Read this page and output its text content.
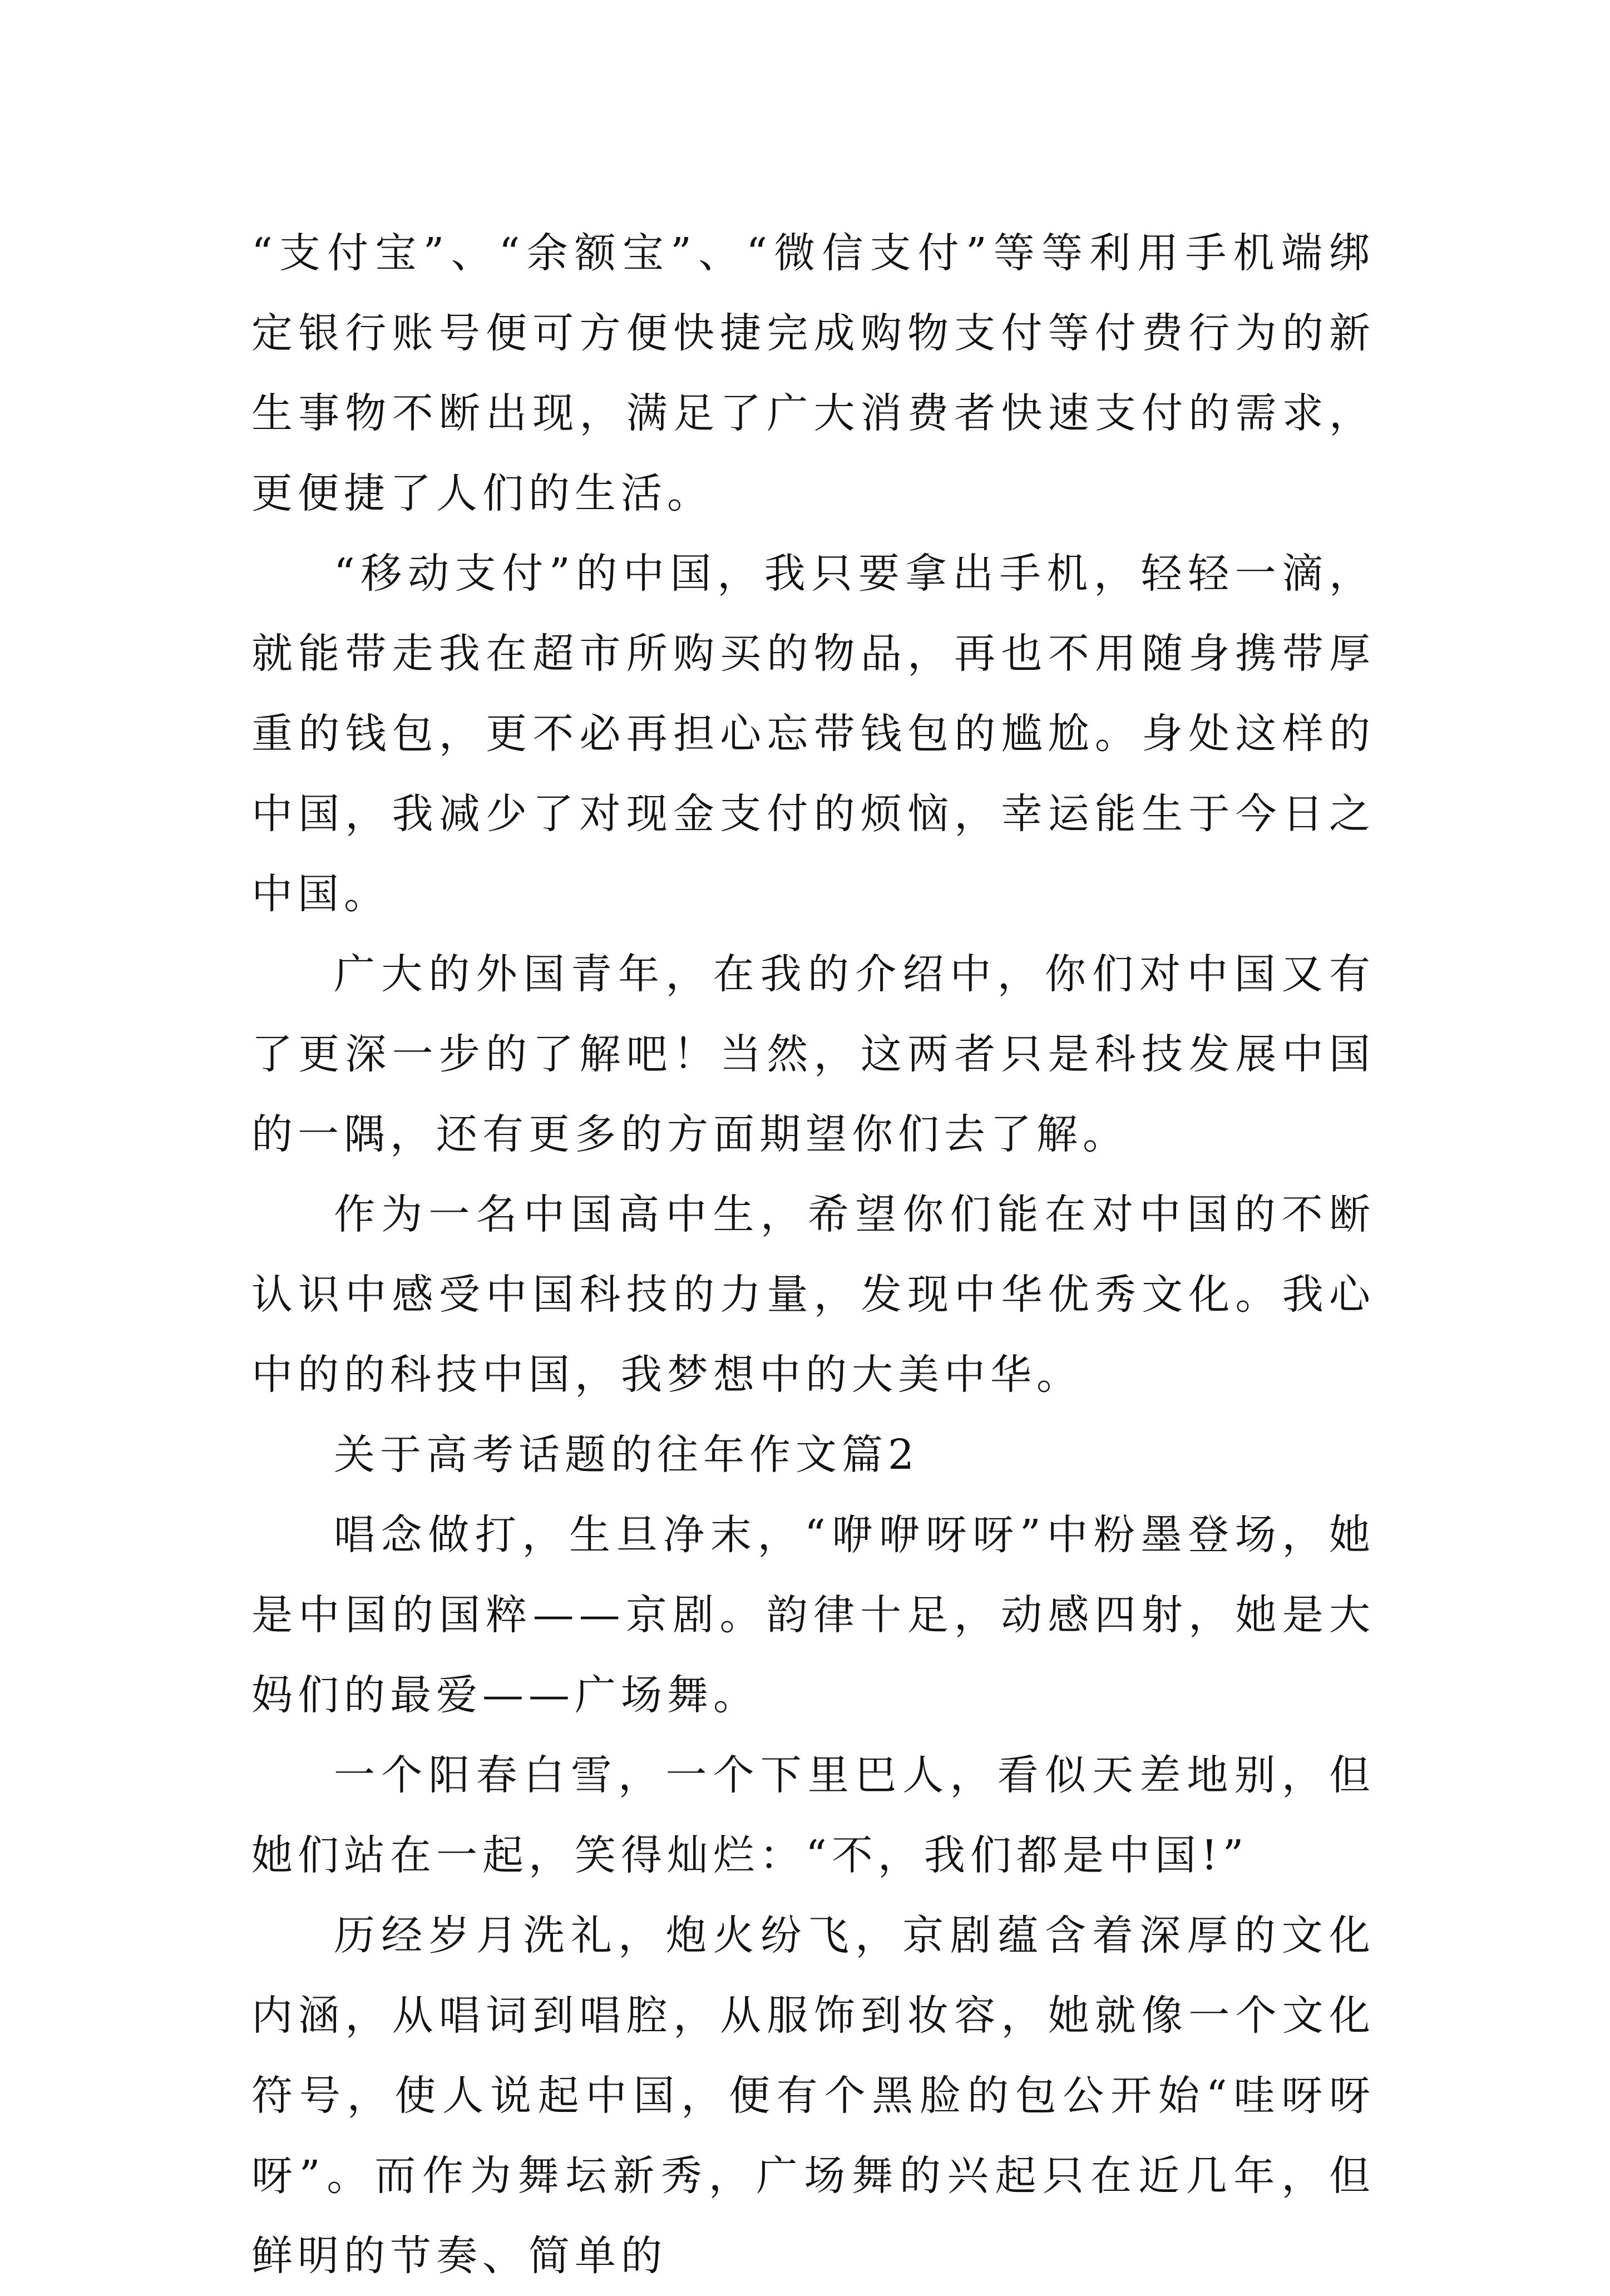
“支付宝”、“余额宝”、“微信支付”等等利用手机端绑定银行账号便可方便快捷完成购物支付等付费行为的新生事物不断出现，满足了广大消费者快速支付的需求，更便捷了人们的生活。

“移动支付”的中国，我只要拿出手机，轻轻一滴，就能带走我在超市所购买的物品，再也不用随身携带厚重的钱包，更不必再担心忘带钱包的尴尬。身处这样的中国，我减少了对现金支付的烦恼，幸运能生于今日之中国。

广大的外国青年，在我的介绍中，你们对中国又有了更深一步的了解吧！当然，这两者只是科技发展中国的一隅，还有更多的方面期望你们去了解。

作为一名中国高中生，希望你们能在对中国的不断认识中感受中国科技的力量，发现中华优秀文化。我心中的的科技中国，我梦想中的大美中华。

关于高考话题的往年作文篇2

唱念做打，生旦净末，“咿咿呀呀”中粉墨登场，她是中国的国粹——京剧。韵律十足，动感四射，她是大妈们的最爱——广场舞。

一个阳春白雪，一个下里巴人，看似天差地别，但她们站在一起，笑得灿烂：“不，我们都是中国!”

历经岁月洗礼，炮火纷飞，京剧蕴含着深厚的文化内涵，从唱词到唱腔，从服饰到妆容，她就像一个文化符号，使人说起中国，便有个黑脸的包公开始“哇呀呀呀”。而作为舞坛新秀，广场舞的兴起只在近几年，但鲜明的节奏、简单的
